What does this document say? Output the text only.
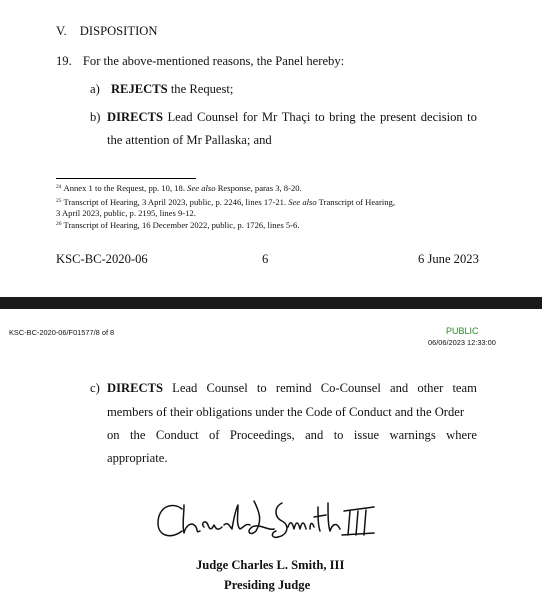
V. DISPOSITION
19. For the above-mentioned reasons, the Panel hereby:
a) REJECTS the Request;
b) DIRECTS Lead Counsel for Mr Thaçi to bring the present decision to
the attention of Mr Pallaska; and
$^{24}$ Annex 1 to the Request, pp. 10, 18. See also Response, paras 3, 8-20.
$^{25}$ Transcript of Hearing, 3 April 2023, public, p. 2246, lines 17-21. See also Transcript of Hearing,
3 April 2023, public, p. 2195, lines 9-12.
$^{26}$ Transcript of Hearing, 16 December 2022, public, p. 1726, lines 5-6.
KSC-BC-2020-06	6	6 June 2023
KSC-BC-2020-06/F01577/8 of 8	PUBLIC
06/06/2023 12:33:00
c) DIRECTS Lead Counsel to remind Co-Counsel and other team
members of their obligations under the Code of Conduct and the Order
on the Conduct of Proceedings, and to issue warnings where
appropriate.
Judge Charles L. Smith, III
Presiding Judge
